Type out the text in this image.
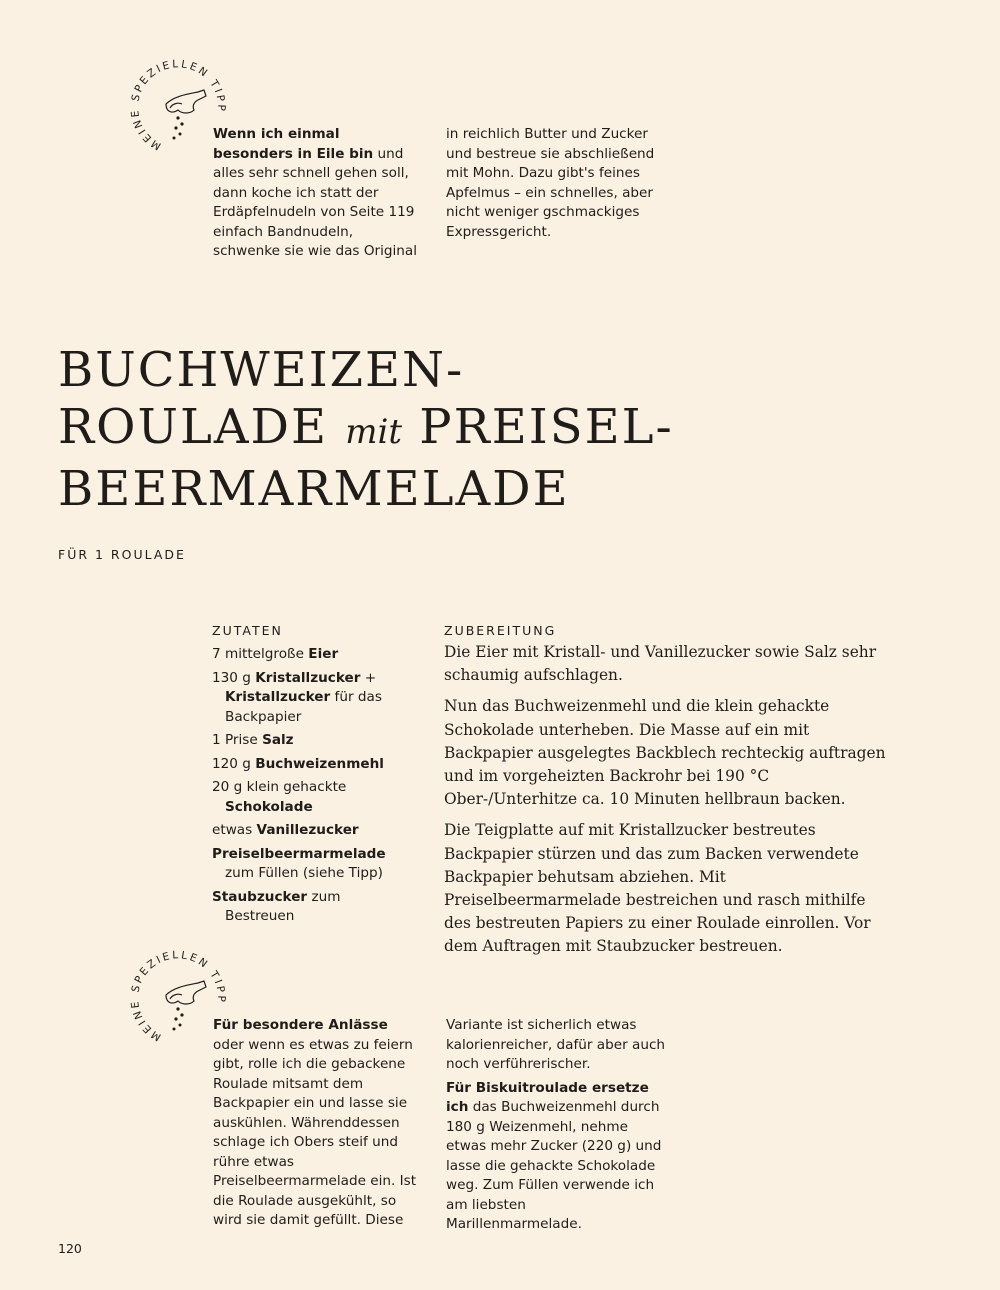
MEINE SPEZIELLEN TIPP
Wenn ich einmal besonders in Eile bin und alles sehr schnell gehen soll, dann koche ich statt der Erdäpfelnudeln von Seite 119 einfach Bandnudeln, schwenke sie wie das Original
in reichlich Butter und Zucker und bestreue sie abschließend mit Mohn. Dazu gibt's feines Apfelmus – ein schnelles, aber nicht weniger gschmackiges Expressgericht.
BUCHWEIZEN-
ROULADE mit PREISEL-
BEERMARMELADE
FÜR 1 ROULADE
ZUTATEN
7 mittelgroße Eier
130 g Kristallzucker + Kristallzucker für das Backpapier
1 Prise Salz
120 g Buchweizenmehl
20 g klein gehackte Schokolade
etwas Vanillezucker
Preiselbeermarmelade zum Füllen (siehe Tipp)
Staubzucker zum Bestreuen
ZUBEREITUNG

Die Eier mit Kristall- und Vanillezucker sowie Salz sehr schaumig aufschlagen.

Nun das Buchweizenmehl und die klein gehackte Schokolade unterheben. Die Masse auf ein mit Backpapier ausgelegtes Backblech rechteckig auftragen und im vorgeheizten Backrohr bei 190 °C Ober-/Unterhitze ca. 10 Minuten hellbraun backen.

Die Teigplatte auf mit Kristallzucker bestreutes Backpapier stürzen und das zum Backen verwendete Backpapier behutsam abziehen. Mit Preiselbeermarmelade bestreichen und rasch mithilfe des bestreuten Papiers zu einer Roulade einrollen. Vor dem Auftragen mit Staubzucker bestreuen.

MEINE SPEZIELLEN TIPP
Für besondere Anlässe oder wenn es etwas zu feiern gibt, rolle ich die gebackene Roulade mitsamt dem Backpapier ein und lasse sie auskühlen. Währenddessen schlage ich Obers steif und rühre etwas Preiselbeermarmelade ein. Ist die Roulade ausgekühlt, so wird sie damit gefüllt. Diese
Variante ist sicherlich etwas kalorienreicher, dafür aber auch noch verführerischer.
Für Biskuitroulade ersetze ich das Buchweizenmehl durch 180 g Weizenmehl, nehme etwas mehr Zucker (220 g) und lasse die gehackte Schokolade weg. Zum Füllen verwende ich am liebsten Marillenmarmelade.
120
